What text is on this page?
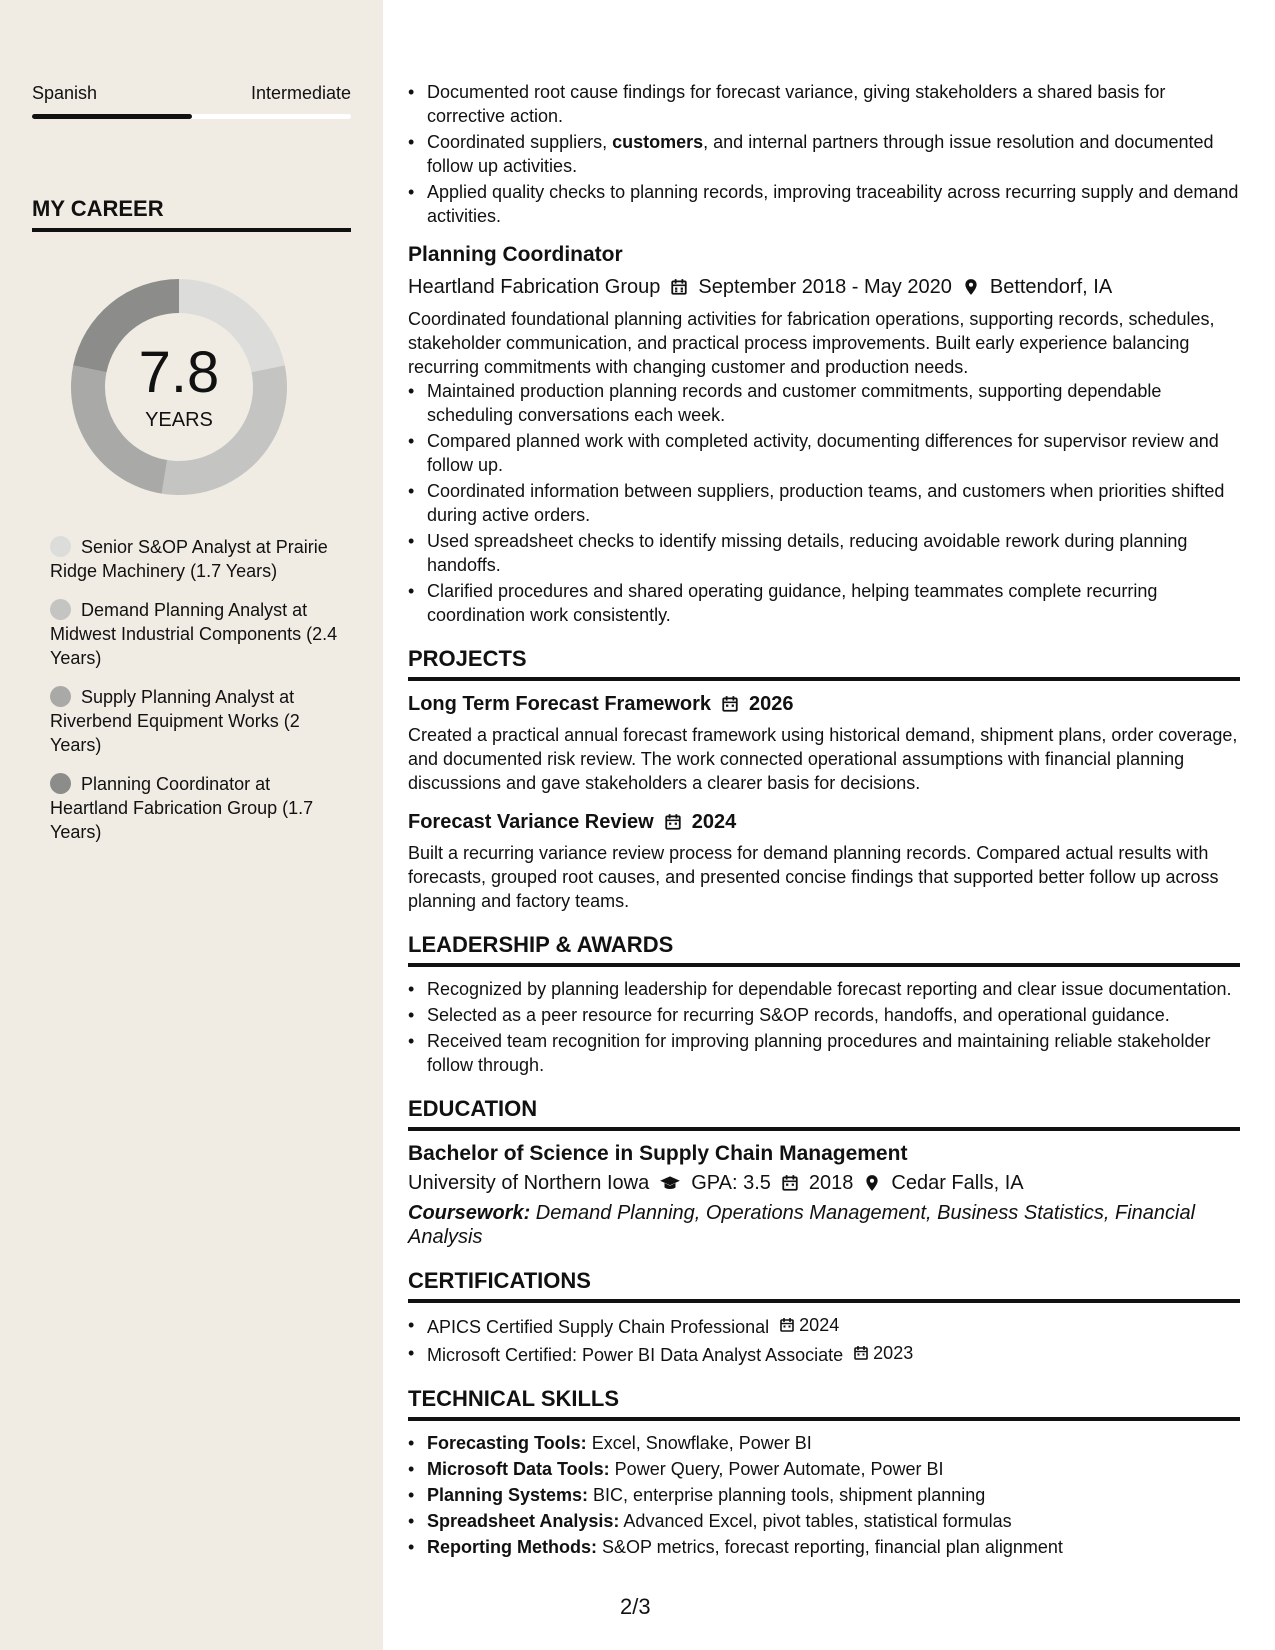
Spanish	Intermediate
MY CAREER
7.8
YEARS
Senior S&OP Analyst at Prairie Ridge Machinery (1.7 Years)
Demand Planning Analyst at Midwest Industrial Components (2.4 Years)
Supply Planning Analyst at Riverbend Equipment Works (2 Years)
Planning Coordinator at Heartland Fabrication Group (1.7 Years)
• Documented root cause findings for forecast variance, giving stakeholders a shared basis for corrective action.
• Coordinated suppliers, customers, and internal partners through issue resolution and documented follow up activities.
• Applied quality checks to planning records, improving traceability across recurring supply and demand activities.
Planning Coordinator
Heartland Fabrication Group September 2018 - May 2020 Bettendorf, IA
Coordinated foundational planning activities for fabrication operations, supporting records, schedules, stakeholder communication, and practical process improvements. Built early experience balancing recurring commitments with changing customer and production needs.
• Maintained production planning records and customer commitments, supporting dependable scheduling conversations each week.
• Compared planned work with completed activity, documenting differences for supervisor review and follow up.
• Coordinated information between suppliers, production teams, and customers when priorities shifted during active orders.
• Used spreadsheet checks to identify missing details, reducing avoidable rework during planning handoffs.
• Clarified procedures and shared operating guidance, helping teammates complete recurring coordination work consistently.
PROJECTS
Long Term Forecast Framework 2026
Created a practical annual forecast framework using historical demand, shipment plans, order coverage, and documented risk review. The work connected operational assumptions with financial planning discussions and gave stakeholders a clearer basis for decisions.
Forecast Variance Review 2024
Built a recurring variance review process for demand planning records. Compared actual results with forecasts, grouped root causes, and presented concise findings that supported better follow up across planning and factory teams.
LEADERSHIP & AWARDS
• Recognized by planning leadership for dependable forecast reporting and clear issue documentation.
• Selected as a peer resource for recurring S&OP records, handoffs, and operational guidance.
• Received team recognition for improving planning procedures and maintaining reliable stakeholder follow through.
EDUCATION
Bachelor of Science in Supply Chain Management
University of Northern Iowa GPA: 3.5 2018 Cedar Falls, IA
Coursework: Demand Planning, Operations Management, Business Statistics, Financial Analysis
CERTIFICATIONS
• APICS Certified Supply Chain Professional 2024
• Microsoft Certified: Power BI Data Analyst Associate 2023
TECHNICAL SKILLS
• Forecasting Tools: Excel, Snowflake, Power BI
• Microsoft Data Tools: Power Query, Power Automate, Power BI
• Planning Systems: BIC, enterprise planning tools, shipment planning
• Spreadsheet Analysis: Advanced Excel, pivot tables, statistical formulas
• Reporting Methods: S&OP metrics, forecast reporting, financial plan alignment
2/3
